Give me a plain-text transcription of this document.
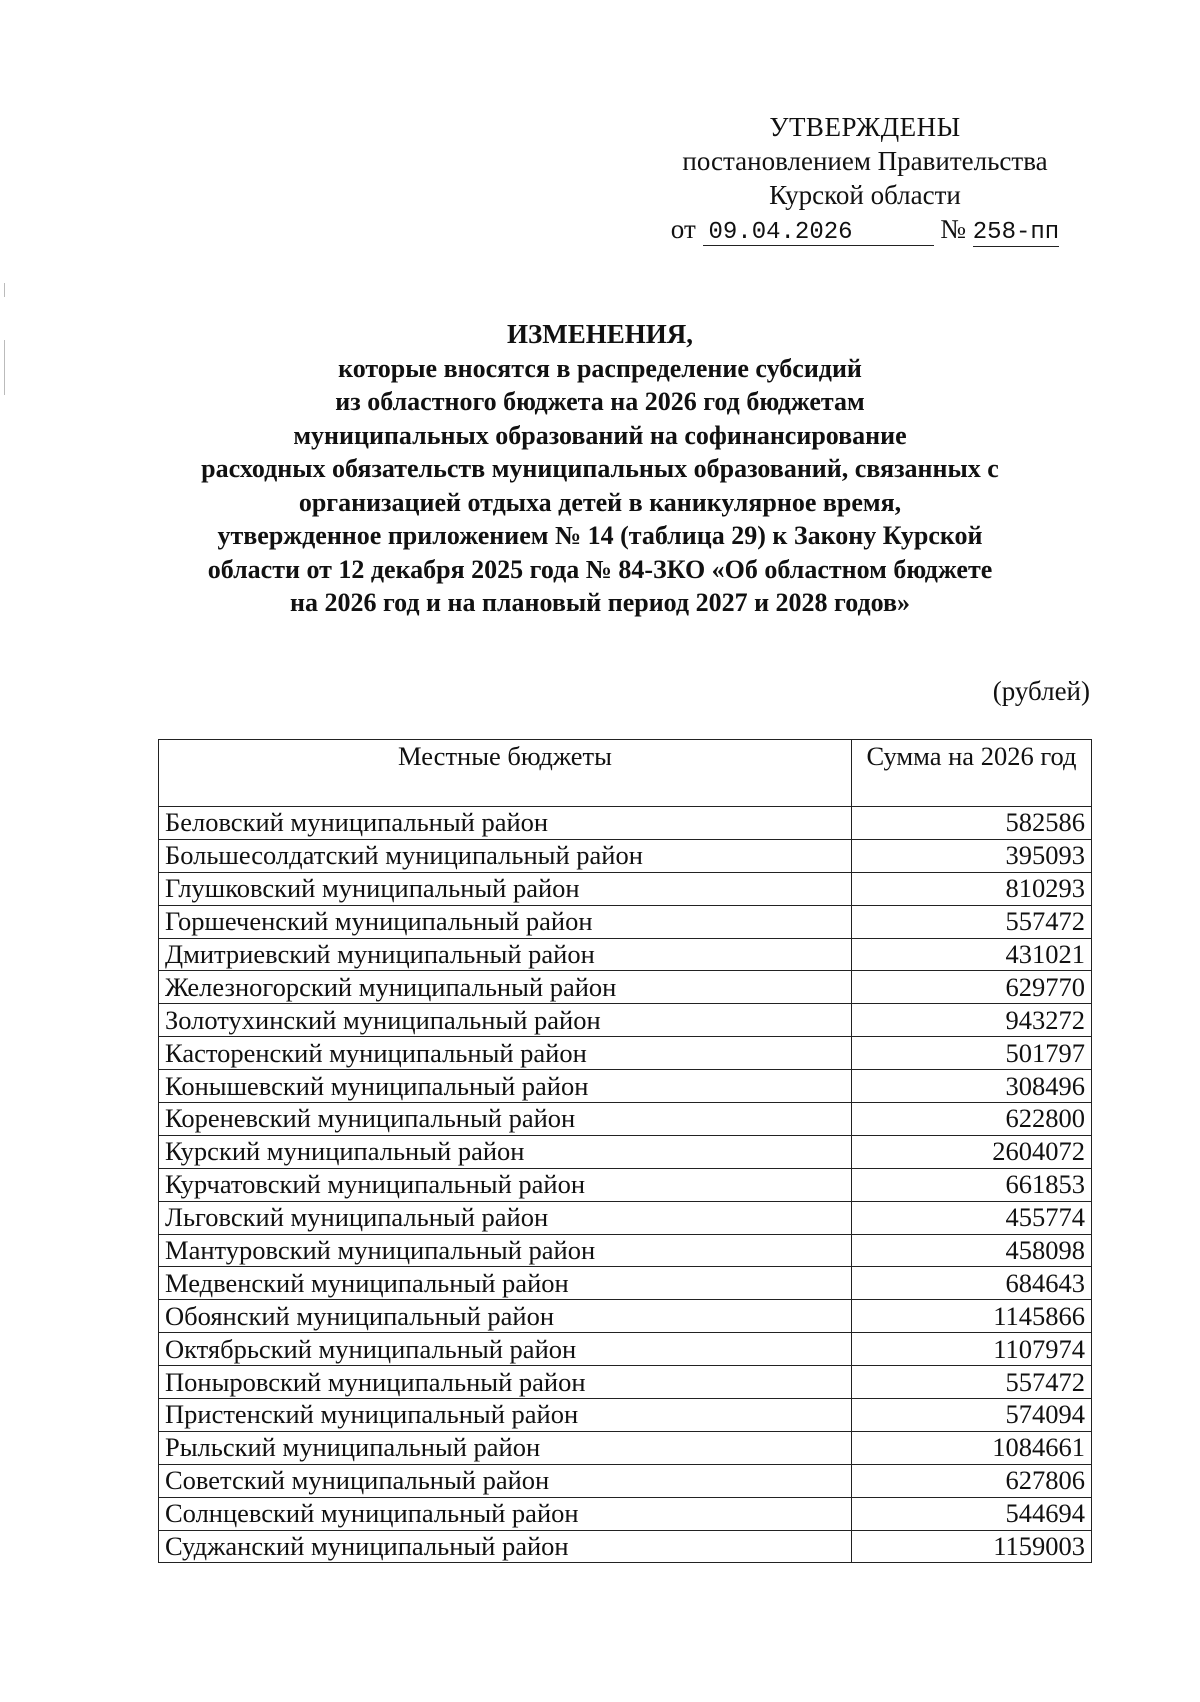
УТВЕРЖДЕНЫ
постановлением Правительства
Курской области
от 09.04.2026	№ 258-пп
ИЗМЕНЕНИЯ,
которые вносятся в распределение субсидий
из областного бюджета на 2026 год бюджетам
муниципальных образований на софинансирование
расходных обязательств муниципальных образований, связанных с
организацией отдыха детей в каникулярное время,
утвержденное приложением № 14 (таблица 29) к Закону Курской
области от 12 декабря 2025 года № 84-ЗКО «Об областном бюджете
на 2026 год и на плановый период 2027 и 2028 годов»
(рублей)
Местные бюджеты	Сумма на 2026 год
Беловский муниципальный район	582586
Большесолдатский муниципальный район	395093
Глушковский муниципальный район	810293
Горшеченский муниципальный район	557472
Дмитриевский муниципальный район	431021
Железногорский муниципальный район	629770
Золотухинский муниципальный район	943272
Касторенский муниципальный район	501797
Конышевский муниципальный район	308496
Кореневский муниципальный район	622800
Курский муниципальный район	2604072
Курчатовский муниципальный район	661853
Льговский муниципальный район	455774
Мантуровский муниципальный район	458098
Медвенский муниципальный район	684643
Обоянский муниципальный район	1145866
Октябрьский муниципальный район	1107974
Поныровский муниципальный район	557472
Пристенский муниципальный район	574094
Рыльский муниципальный район	1084661
Советский муниципальный район	627806
Солнцевский муниципальный район	544694
Суджанский муниципальный район	1159003
